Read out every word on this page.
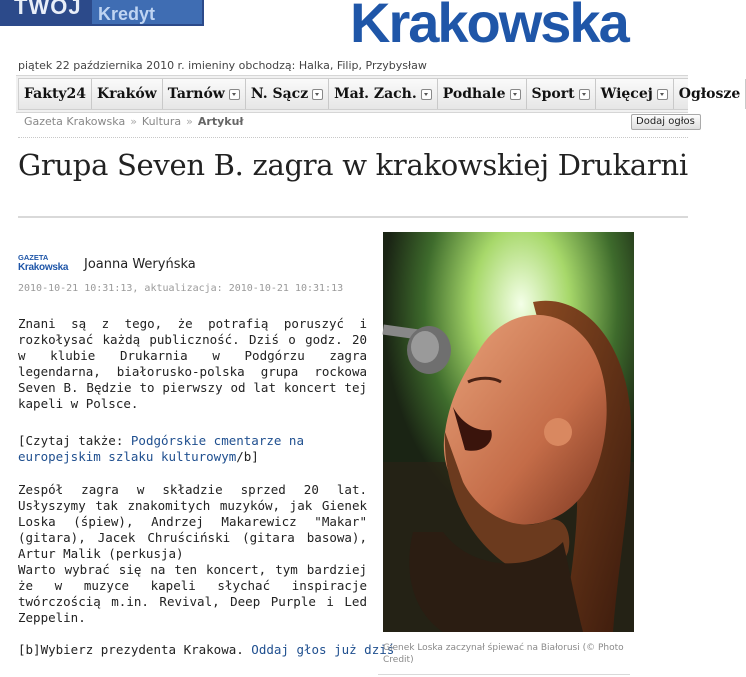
TWOJ Kredyt	Krakowska
piątek 22 października 2010 r. imieniny obchodzą: Halka, Filip, Przybysław
Fakty24 Kraków Tarnów N. Sącz Mał. Zach. Podhale Sport Więcej Ogłosze
Gazeta Krakowska » Kultura » Artykuł	Dodaj ogłos
Grupa Seven B. zagra w krakowskiej Drukarni
GAZETA
Krakowska	Joanna Weryńska
2010-10-21 10:31:13, aktualizacja: 2010-10-21 10:31:13

Znani są z tego, że potrafią poruszyć i rozkołysać każdą publiczność. Dziś o godz. 20 w klubie Drukarnia w Podgórzu zagra legendarna, białorusko-polska grupa rockowa Seven B. Będzie to pierwszy od lat koncert tej kapeli w Polsce.

[Czytaj także: Podgórskie cmentarze na europejskim szlaku kulturowym/b]

Zespół zagra w składzie sprzed 20 lat. Usłyszymy tak znakomitych muzyków, jak Gienek Loska (śpiew), Andrzej Makarewicz "Makar" (gitara), Jacek Chruściński (gitara basowa), Artur Malik (perkusja)
Warto wybrać się na ten koncert, tym bardziej że w muzyce kapeli słychać inspiracje twórczością m.in. Revival, Deep Purple i Led Zeppelin.

[b]Wybierz prezydenta Krakowa. Oddaj głos już dziś

Gienek Loska zaczynał śpiewać na Białorusi (© Photo Credit)
